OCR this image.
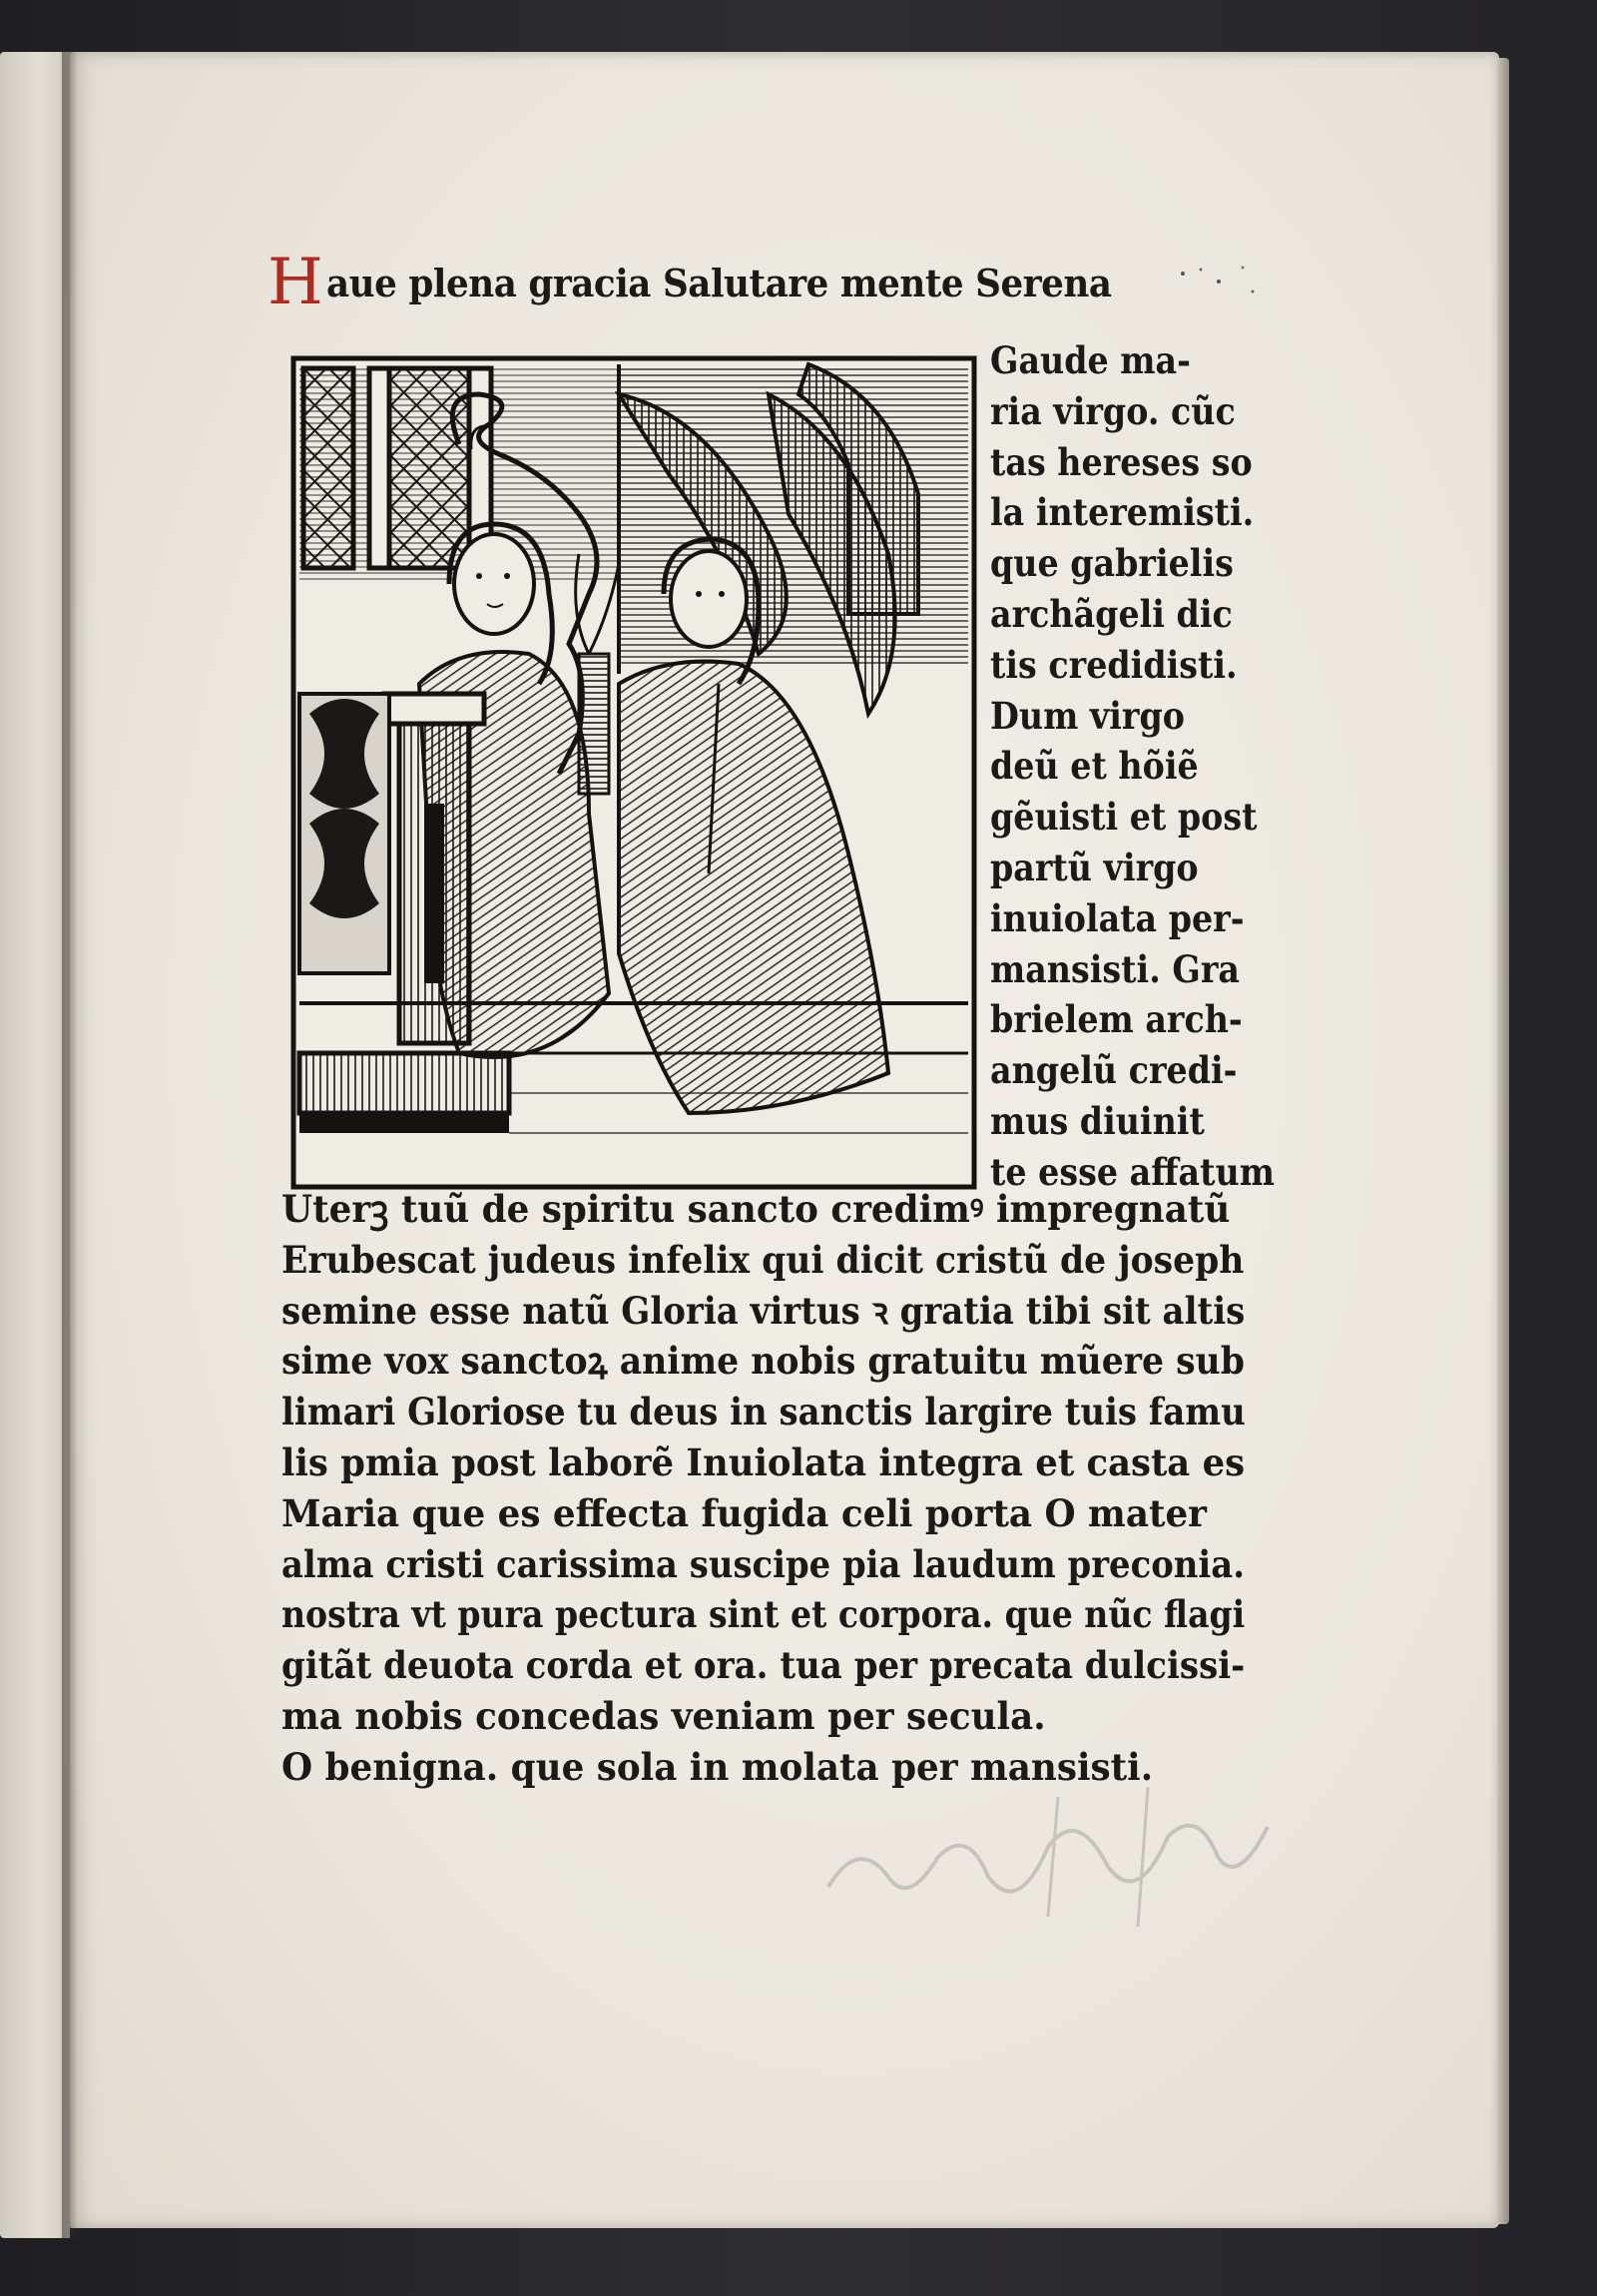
H aue plena gracia Salutare mente Serena
Gaude ma-
ria virgo. cũc
tas hereses so
la interemisti.
que gabrielis
archãgeli dic
tis credidisti.
Dum virgo
deũ et hõiẽ
gẽuisti et post
partũ virgo
inuiolata per-
mansisti. Gra
brielem arch-
angelũ credi-
mus diuinit
te esse affatum
Uterꝫ tuũ de spiritu sancto credimꝰ impregnatũ
Erubescat judeus infelix qui dicit cristũ de joseph
semine esse natũ Gloria virtus ꝛ gratia tibi sit altis
sime vox sanctoꝝ anime nobis gratuitu mũere sub
limari Gloriose tu deus in sanctis largire tuis famu
lis pmia post laborẽ Inuiolata integra et casta es
Maria que es effecta fugida celi porta O mater
alma cristi carissima suscipe pia laudum preconia.
nostra vt pura pectura sint et corpora. que nũc flagi
gitãt deuota corda et ora. tua per precata dulcissi-
ma nobis concedas veniam per secula.
O benigna. que sola in molata per mansisti.
